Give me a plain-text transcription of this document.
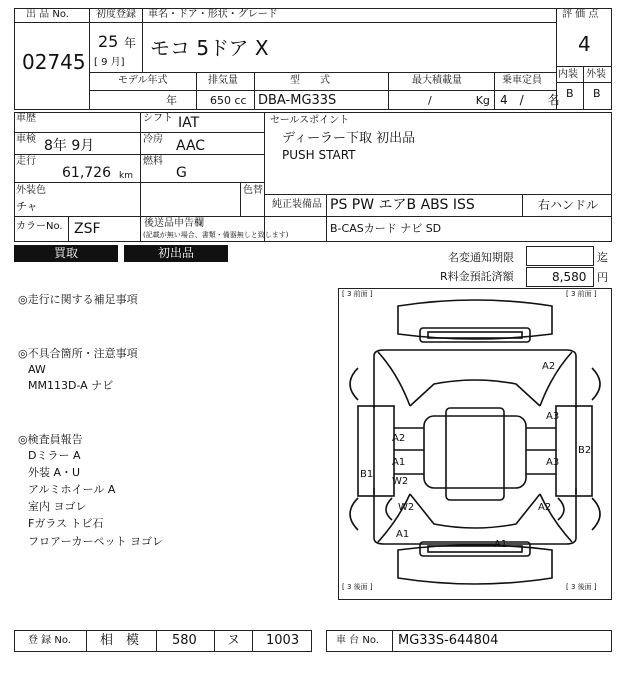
出 品 No.
02745
初度登録
25 年
[ 9 月]
車名・ドア・形状・グレード
モコ 5ドア X
評 価 点
4
内装 外装
B B
モデル年式	排気量	型　　式	最大積載量	乗車定員
年	650 cc DBA-MG33S	/　　　　Kg 4　/　　名
車歴	シフト IAT	セールスポイント
ディーラー下取 初出品
PUSH START
車検 8年 9月	冷房 AAC
走行
61,726 km
燃料
G
外装色
チャ
色替
純正装備品 PS PW エアB ABS ISS	右ハンドル
カラーNo. ZSF	後送品申告欄
(記載が無い場合、書類・備器無しと致します)	B-CASカード ナビ SD
買取	初出品	名変通知期限	迄
R料金預託済額	8,580 円
◎走行に関する補足事項
◎不具合箇所・注意事項
AW
MM113D-A ナビ
◎検査員報告
Dミラー A
外装 A・U
アルミホイール A
室内 ヨゴレ
Fガラス トビ石
フロアーカーペット ヨゴレ
[ 3 前面 ]	[ 3 前面 ]
[ 3 後面 ]	[ 3 後面 ]
A2
A3
A2
A1
W2
A3
B1
B2
W2
A1
A2
A1
登 録 No. 相　模	580 ヌ 1003	車 台 No. MG33S-644804
